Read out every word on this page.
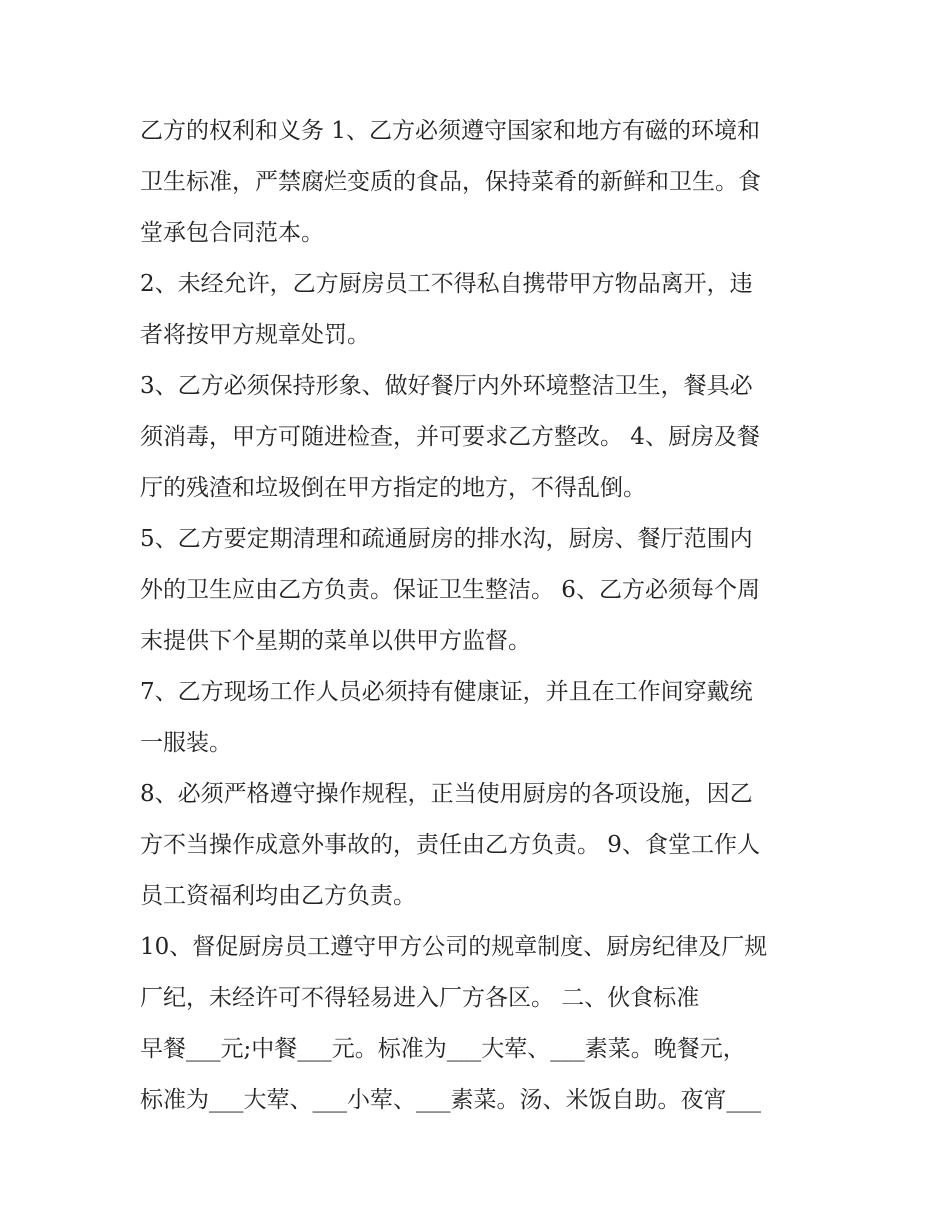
乙方的权利和义务 1、乙方必须遵守国家和地方有磁的环境和
卫生标准，严禁腐烂变质的食品，保持菜肴的新鲜和卫生。食
堂承包合同范本。

2、未经允许，乙方厨房员工不得私自携带甲方物品离开，违
者将按甲方规章处罚。

3、乙方必须保持形象、做好餐厅内外环境整洁卫生，餐具必
须消毒，甲方可随进检查，并可要求乙方整改。 4、厨房及餐
厅的残渣和垃圾倒在甲方指定的地方，不得乱倒。

5、乙方要定期清理和疏通厨房的排水沟，厨房、餐厅范围内
外的卫生应由乙方负责。保证卫生整洁。 6、乙方必须每个周
末提供下个星期的菜单以供甲方监督。

7、乙方现场工作人员必须持有健康证，并且在工作间穿戴统
一服装。

8、必须严格遵守操作规程，正当使用厨房的各项设施，因乙
方不当操作成意外事故的，责任由乙方负责。 9、食堂工作人
员工资福利均由乙方负责。

10、督促厨房员工遵守甲方公司的规章制度、厨房纪律及厂规
厂纪，未经许可不得轻易进入厂方各区。 二、伙食标准
早餐___元;中餐___元。标准为___大荤、___素菜。晚餐元，
标准为___大荤、___小荤、___素菜。汤、米饭自助。夜宵___
